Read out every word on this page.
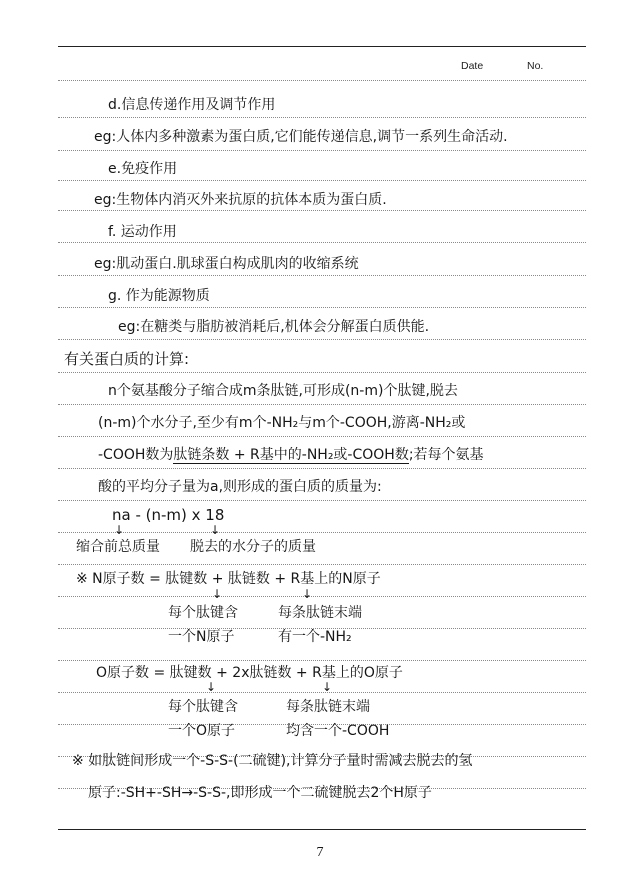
Date	No.
d.信息传递作用及调节作用
eg:人体内多种激素为蛋白质,它们能传递信息,调节一系列生命活动.
e.免疫作用
eg:生物体内消灭外来抗原的抗体本质为蛋白质.
f. 运动作用
eg:肌动蛋白.肌球蛋白构成肌肉的收缩系统
g. 作为能源物质
eg:在糖类与脂肪被消耗后,机体会分解蛋白质供能.
有关蛋白质的计算:
n个氨基酸分子缩合成m条肽链,可形成(n-m)个肽键,脱去
(n-m)个水分子,至少有m个-NH₂与m个-COOH,游离-NH₂或
-COOH数为肽链条数 + R基中的-NH₂或-COOH数;若每个氨基
酸的平均分子量为a,则形成的蛋白质的质量为:
na - (n-m) x 18
↓	↓
缩合前总质量 脱去的水分子的质量
※ N原子数 = 肽键数 + 肽链数 + R基上的N原子
↓	↓
每个肽键含	每条肽链末端
一个N原子	有一个-NH₂
O原子数 = 肽键数 + 2x肽链数 + R基上的O原子
↓	↓
每个肽键含	每条肽链末端
一个O原子	均含一个-COOH
※ 如肽链间形成一个-S-S-(二硫键),计算分子量时需减去脱去的氢
原子:-SH+-SH→-S-S-,即形成一个二硫键脱去2个H原子
7
